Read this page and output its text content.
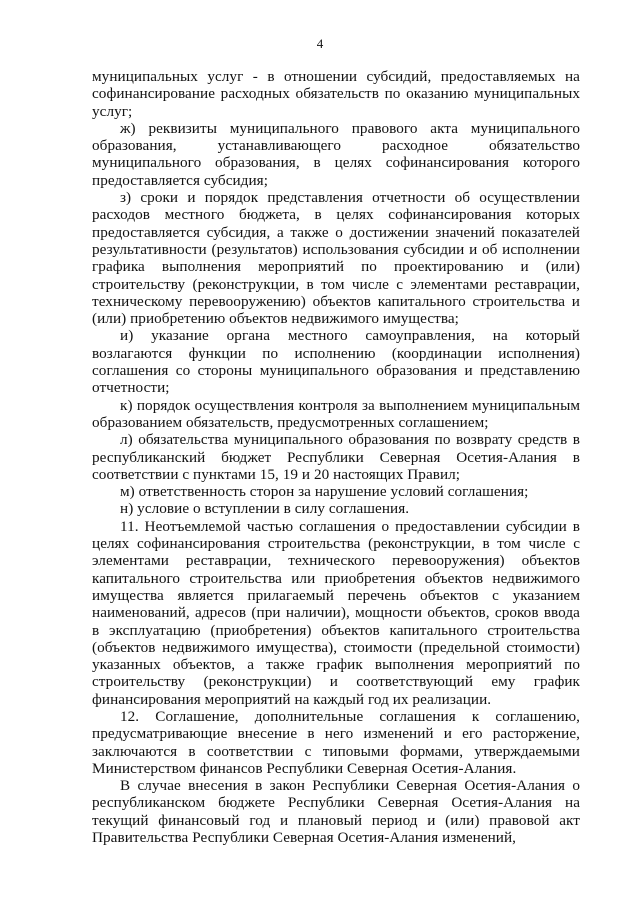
4

муниципальных услуг - в отношении субсидий, предоставляемых на софинансирование расходных обязательств по оказанию муниципальных услуг;

ж) реквизиты муниципального правового акта муниципального образования, устанавливающего расходное обязательство муниципального образования, в целях софинансирования которого предоставляется субсидия;

з) сроки и порядок представления отчетности об осуществлении расходов местного бюджета, в целях софинансирования которых предоставляется субсидия, а также о достижении значений показателей результативности (результатов) использования субсидии и об исполнении графика выполнения мероприятий по проектированию и (или) строительству (реконструкции, в том числе с элементами реставрации, техническому перевооружению) объектов капитального строительства и (или) приобретению объектов недвижимого имущества;

и) указание органа местного самоуправления, на который возлагаются функции по исполнению (координации исполнения) соглашения со стороны муниципального образования и представлению отчетности;

к) порядок осуществления контроля за выполнением муниципальным образованием обязательств, предусмотренных соглашением;

л) обязательства муниципального образования по возврату средств в республиканский бюджет Республики Северная Осетия-Алания в соответствии с пунктами 15, 19 и 20 настоящих Правил;

м) ответственность сторон за нарушение условий соглашения;

н) условие о вступлении в силу соглашения.

11. Неотъемлемой частью соглашения о предоставлении субсидии в целях софинансирования строительства (реконструкции, в том числе с элементами реставрации, технического перевооружения) объектов капитального строительства или приобретения объектов недвижимого имущества является прилагаемый перечень объектов с указанием наименований, адресов (при наличии), мощности объектов, сроков ввода в эксплуатацию (приобретения) объектов капитального строительства (объектов недвижимого имущества), стоимости (предельной стоимости) указанных объектов, а также график выполнения мероприятий по строительству (реконструкции) и соответствующий ему график финансирования мероприятий на каждый год их реализации.

12. Соглашение, дополнительные соглашения к соглашению, предусматривающие внесение в него изменений и его расторжение, заключаются в соответствии с типовыми формами, утверждаемыми Министерством финансов Республики Северная Осетия-Алания.

В случае внесения в закон Республики Северная Осетия-Алания о республиканском бюджете Республики Северная Осетия-Алания на текущий финансовый год и плановый период и (или) правовой акт Правительства Республики Северная Осетия-Алания изменений,
